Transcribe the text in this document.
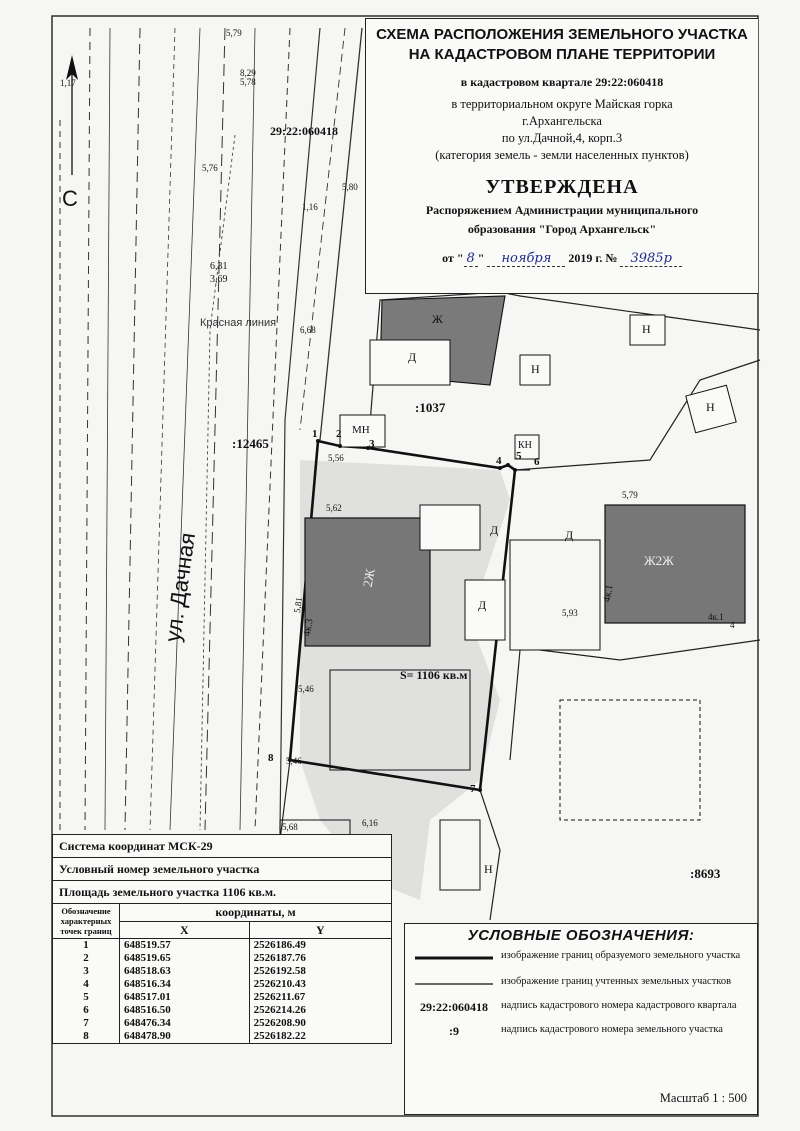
С
29:22:060418
Красная линия
:12465
:1037
:8693
S= 1106 кв.м
ул. Дачная
1 2
3
4 5 6
7
8
5,79
8,29
5,78
6,31
3,69
5,80
5,76
1,17
1,16
5,56
5,62
5,81
6,68
5,46
5,46
5,93
5,79
6,16
5,68
Ж
Д
Н
Н
Н
МН
КН
2Ж
4к.3
Д
Д
Ж2Ж
4к.1
4к.1
Д
Н
4
СХЕМА РАСПОЛОЖЕНИЯ ЗЕМЕЛЬНОГО УЧАСТКА
НА КАДАСТРОВОМ ПЛАНЕ ТЕРРИТОРИИ
в кадастровом квартале 29:22:060418
в территориальном округе Майская горка
г.Архангельска
по ул.Дачной,4, корп.3
(категория земель - земли населенных пунктов)
УТВЕРЖДЕНА
Распоряжением Администрации муниципального
образования "Город Архангельск"
от " 8 " ноября 2019 г. № 3985р
Система координат МСК-29
Условный номер земельного участка
Площадь земельного участка 1106 кв.м.
Обозначение характерных точек границ	координаты, м	
	X	Y
1	648519.57	2526186.49
2	648519.65	2526187.76
3	648518.63	2526192.58
4	648516.34	2526210.43
5	648517.01	2526211.67
6	648516.50	2526214.26
7	648476.34	2526208.90
8	648478.90	2526182.22
УСЛОВНЫЕ ОБОЗНАЧЕНИЯ:
изображение границ образуемого земельного участка
изображение границ учтенных земельных участков
29:22:060418	надпись кадастрового номера кадастрового квартала
:9	надпись кадастрового номера земельного участка
Масштаб 1 : 500
